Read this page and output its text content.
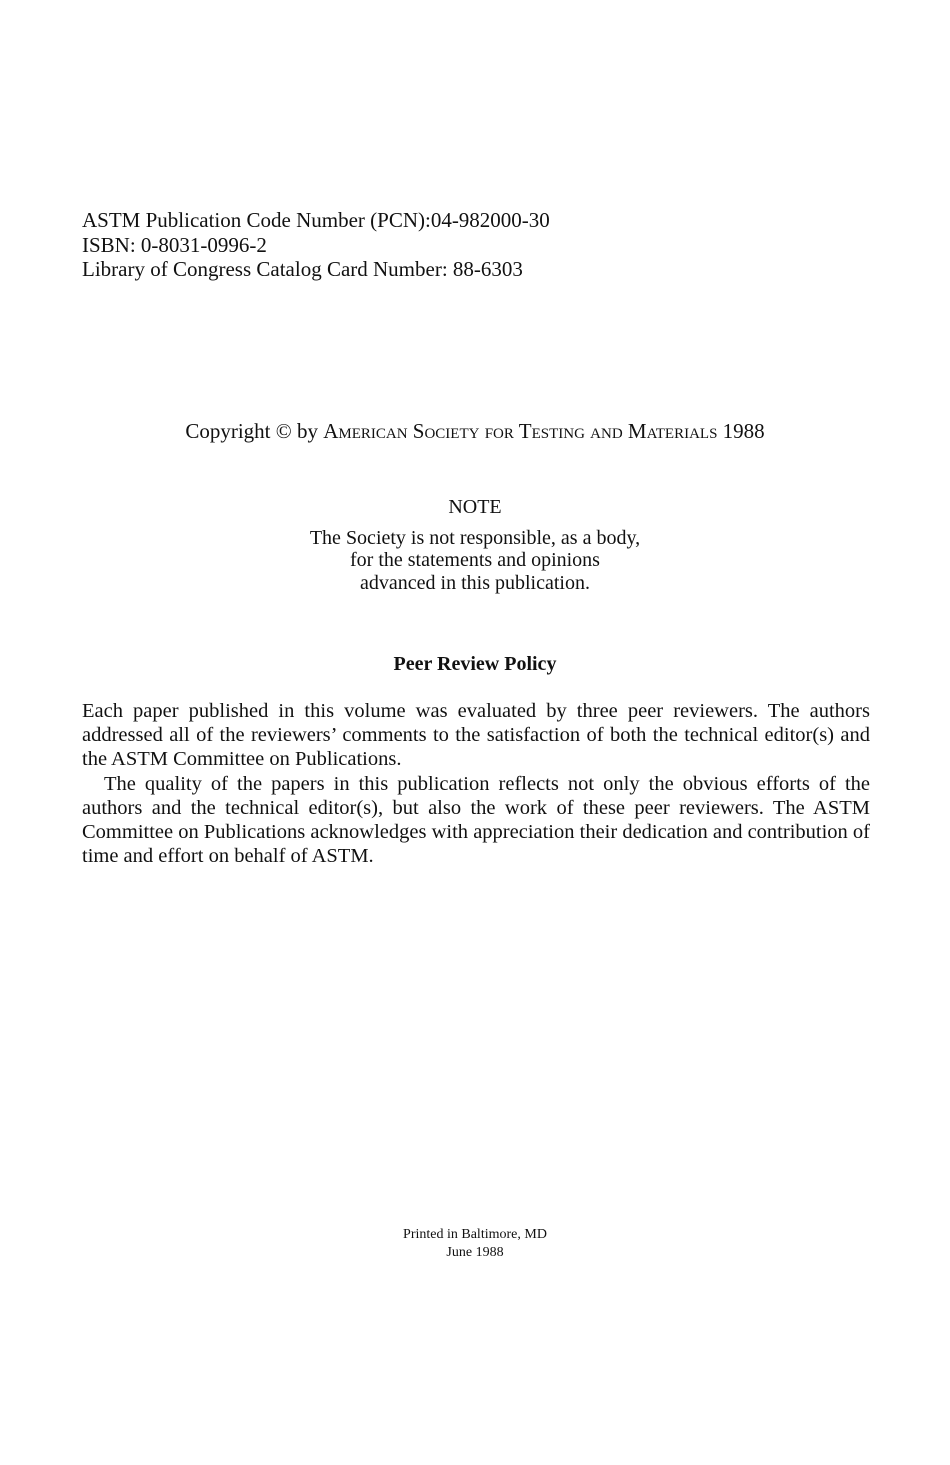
ASTM Publication Code Number (PCN):04-982000-30
ISBN: 0-8031-0996-2
Library of Congress Catalog Card Number: 88-6303
Copyright © by American Society for Testing and Materials 1988
NOTE
The Society is not responsible, as a body,
for the statements and opinions
advanced in this publication.
Peer Review Policy

Each paper published in this volume was evaluated by three peer reviewers. The authors addressed all of the reviewers’ comments to the satisfaction of both the technical editor(s) and the ASTM Committee on Publications.

The quality of the papers in this publication reflects not only the obvious efforts of the authors and the technical editor(s), but also the work of these peer reviewers. The ASTM Committee on Publications acknowledges with appreciation their dedication and contribution of time and effort on behalf of ASTM.

Printed in Baltimore, MD
June 1988
